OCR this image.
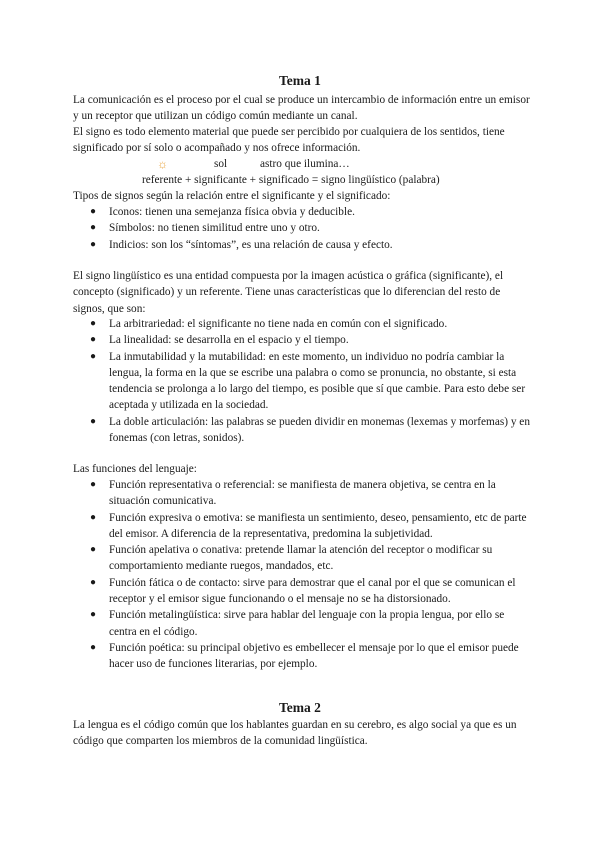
Tema 1
La comunicación es el proceso por el cual se produce un intercambio de información entre un emisor y un receptor que utilizan un código común mediante un canal.
El signo es todo elemento material que puede ser percibido por cualquiera de los sentidos, tiene significado por sí solo o acompañado y nos ofrece información.
☼	sol	astro que ilumina…
referente + significante + significado = signo lingüístico (palabra)
Tipos de signos según la relación entre el significante y el significado:
● Iconos: tienen una semejanza física obvia y deducible.
● Símbolos: no tienen similitud entre uno y otro.
● Indicios: son los “síntomas”, es una relación de causa y efecto.
El signo lingüístico es una entidad compuesta por la imagen acústica o gráfica (significante), el concepto (significado) y un referente. Tiene unas características que lo diferencian del resto de signos, que son:
● La arbitrariedad: el significante no tiene nada en común con el significado.
● La linealidad: se desarrolla en el espacio y el tiempo.
● La inmutabilidad y la mutabilidad: en este momento, un individuo no podría cambiar la lengua, la forma en la que se escribe una palabra o como se pronuncia, no obstante, si esta tendencia se prolonga a lo largo del tiempo, es posible que sí que cambie. Para esto debe ser aceptada y utilizada en la sociedad.
● La doble articulación: las palabras se pueden dividir en monemas (lexemas y morfemas) y en fonemas (con letras, sonidos).
Las funciones del lenguaje:
● Función representativa o referencial: se manifiesta de manera objetiva, se centra en la situación comunicativa.
● Función expresiva o emotiva: se manifiesta un sentimiento, deseo, pensamiento, etc de parte del emisor. A diferencia de la representativa, predomina la subjetividad.
● Función apelativa o conativa: pretende llamar la atención del receptor o modificar su comportamiento mediante ruegos, mandados, etc.
● Función fática o de contacto: sirve para demostrar que el canal por el que se comunican el receptor y el emisor sigue funcionando o el mensaje no se ha distorsionado.
● Función metalingüística: sirve para hablar del lenguaje con la propia lengua, por ello se centra en el código.
● Función poética: su principal objetivo es embellecer el mensaje por lo que el emisor puede hacer uso de funciones literarias, por ejemplo.
Tema 2
La lengua es el código común que los hablantes guardan en su cerebro, es algo social ya que es un código que comparten los miembros de la comunidad lingüística.
